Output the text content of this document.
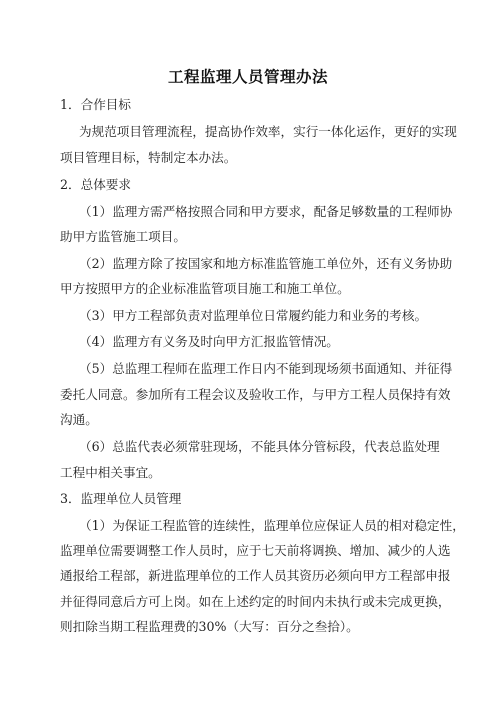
工程监理人员管理办法
1．合作目标
为规范项目管理流程，提高协作效率，实行一体化运作，更好的实现
项目管理目标，特制定本办法。
2．总体要求
（1）监理方需严格按照合同和甲方要求，配备足够数量的工程师协
助甲方监管施工项目。
（2）监理方除了按国家和地方标准监管施工单位外，还有义务协助
甲方按照甲方的企业标准监管项目施工和施工单位。
（3）甲方工程部负责对监理单位日常履约能力和业务的考核。
（4）监理方有义务及时向甲方汇报监管情况。
（5）总监理工程师在监理工作日内不能到现场须书面通知、并征得
委托人同意。参加所有工程会议及验收工作，与甲方工程人员保持有效
沟通。
（6）总监代表必须常驻现场，不能具体分管标段，代表总监处理
工程中相关事宜。
3．监理单位人员管理
（1）为保证工程监管的连续性，监理单位应保证人员的相对稳定性，
监理单位需要调整工作人员时，应于七天前将调换、增加、减少的人选
通报给工程部，新进监理单位的工作人员其资历必须向甲方工程部申报
并征得同意后方可上岗。如在上述约定的时间内未执行或未完成更换，
则扣除当期工程监理费的30%（大写：百分之叁拾）。
